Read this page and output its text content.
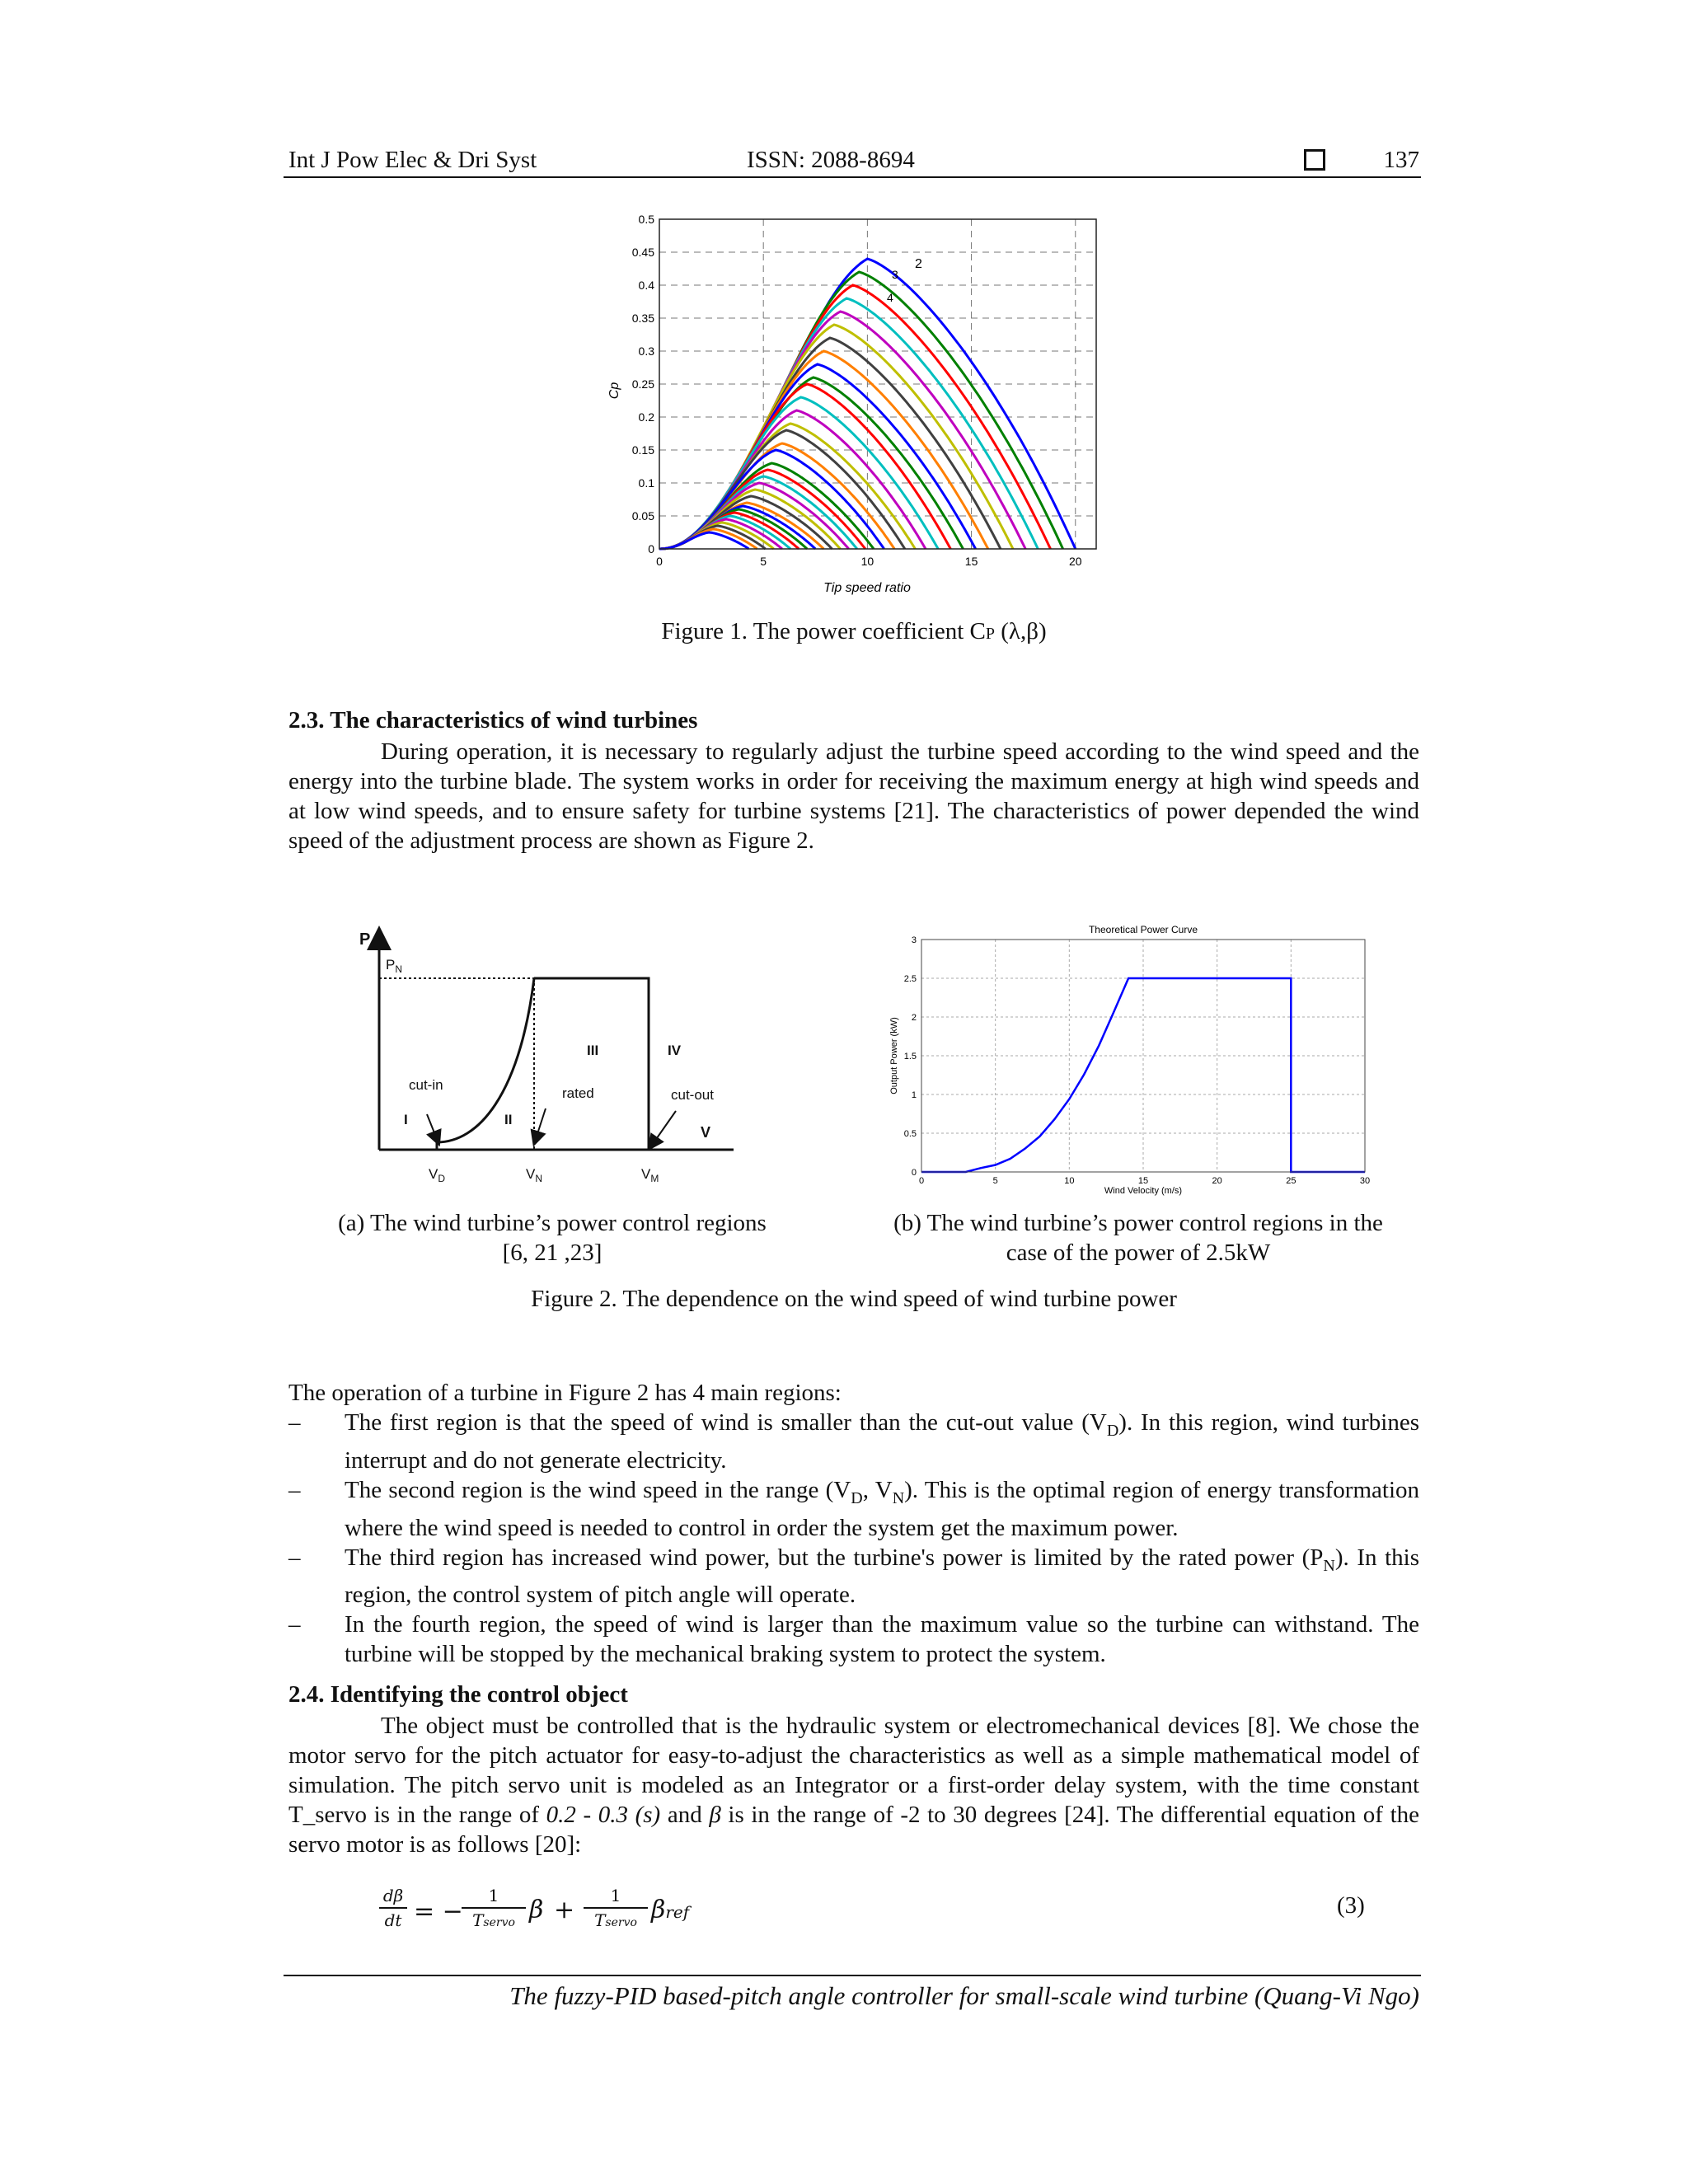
Int J Pow Elec & Dri Syst	ISSN: 2088-8694	137
0	5	10	15	20
0
0.05
0.1
0.15
0.2
0.25
0.3
0.35
0.4
0.45
0.5
Tip speed ratio
Cp
2
3
4
Figure 1. The power coefficient CP (λ,β)
2.3. The characteristics of wind turbines
During operation, it is necessary to regularly adjust the turbine speed according to the wind speed and the energy into the turbine blade. The system works in order for receiving the maximum energy at high wind speeds and at low wind speeds, and to ensure safety for turbine systems [21]. The characteristics of power depended the wind speed of the adjustment process are shown as Figure 2.
P
$P_N$
V
$V_D$	$V_N$	$V_M$
I	II
III	IV
cut-in
rated	cut-out
0	5	10	15	20	25	30
0
0.5
1
1.5
2
2.5
3
Theoretical Power Curve
Wind Velocity (m/s)
Output Power (kW)
(a) The wind turbine’s power control regions
[6, 21 ,23]
(b) The wind turbine’s power control regions in the
case of the power of 2.5kW
Figure 2. The dependence on the wind speed of wind turbine power
The operation of a turbine in Figure 2 has 4 main regions:
– The first region is that the speed of wind is smaller than the cut-out value $(V_D)$. In this region, wind turbines interrupt and do not generate electricity.
– The second region is the wind speed in the range ($V_D$, $V_N$). This is the optimal region of energy transformation where the wind speed is needed to control in order the system get the maximum power.
– The third region has increased wind power, but the turbine's power is limited by the rated power $(P_N)$. In this region, the control system of pitch angle will operate.
– In the fourth region, the speed of wind is larger than the maximum value so the turbine can withstand. The turbine will be stopped by the mechanical braking system to protect the system.
2.4. Identifying the control object
The object must be controlled that is the hydraulic system or electromechanical devices [8]. We chose the motor servo for the pitch actuator for easy-to-adjust the characteristics as well as a simple mathematical model of simulation. The pitch servo unit is modeled as an Integrator or a first-order delay system, with the time constant T_servo is in the range of 0.2 - 0.3 (s) and β is in the range of -2 to 30 degrees [24]. The differential equation of the servo motor is as follows [20]:
dβ
dt = −
1
Tservo β +	1
Tservo βref	(3)
The fuzzy-PID based-pitch angle controller for small-scale wind turbine (Quang-Vi Ngo)
